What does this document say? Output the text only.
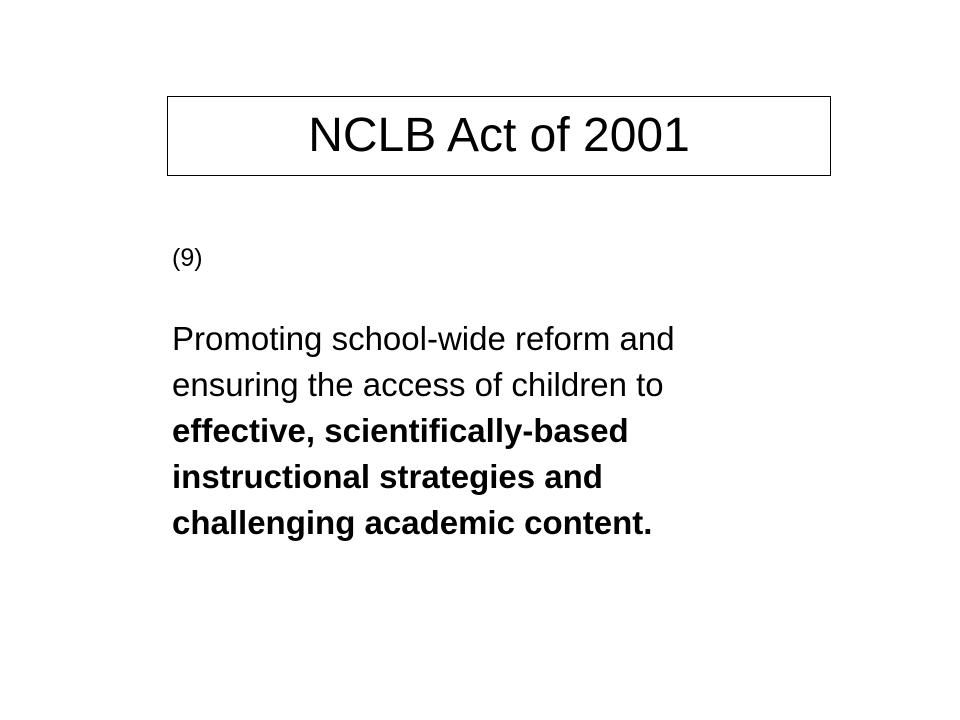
NCLB Act of 2001
(9)
Promoting school-wide reform and
ensuring the access of children to
effective, scientifically-based
instructional strategies and
challenging academic content.
